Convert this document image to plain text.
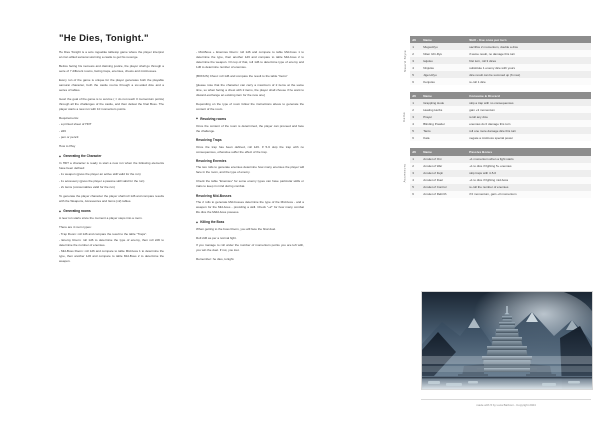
"He Dies, Tonight."

He Dies Tonight is a solo roguelike tabletop game where the player interpret an iron willed samurai storming a castle to get his revenge.

Before facing his nemesis and claiming justice, the player shall go through a serie of 7 different rooms, facing traps, enemies, chests and mid-bosses.

Every run of the game is unique for the player generates both the playable samurai character, both the castle rooms through a six-sided dice and a series of tables.

Goal: the goal of the game is to survive ( = do not reach 0 momentum points) through all the challenges of the castle, and then defeat the final Boss. The player starts a new run with 10 momentum points.

Requirements:

- a printed sheet of HDT

- 2d6

- pen or pencil

How to Play

◆ Generating the Character

In HDT a character is ready to start a new run when the following elements have been defined:

- 1x weapon (gives the player an active skill valid for the run)

- 1x accessory (gives the player a passive skill valid for the run)

- 2x items (consumables valid for the run)

To generate the player character the player shall roll 1d6 and compare results with the Weapons, Accessories and Items (x2) tables.

◆ Generating rooms

A new run starts since the moment a player steps into a room.

There are 4 room types:

- Trap Room: roll 1d6 and compare the result to the table "Traps".

- Enemy Room: roll 1d6 to determine the type of enemy, then roll 2d6 to determine the number of enemies.

- Mid-Boss Room: roll 1d6 and compare to table Mid-boss 1 to determine the type, then another 1d6 and compare to table Mid-Boss 2 to determine the weapon.

- Mid-Boss + Enemies Room: roll 1d6 and compare to table Mid-boss 1 to determine the type, then another 1d6 and compare to table Mid-boss 2 to determine the weapon. On top of that, roll 1d6 to determine type of enemy and 1d6 to determine number of enemies.

(BONUS) Chest: roll 1d6 and compare the result to the table "Items"

[please note that the character can carry a maximum of 2 items at the same time, so when facing a chest with 2 items, the player shall choose if he want to discard-exchange an existing item for the new one]

Depending on the type of room follow the instructions above to generate the content of the room.

◆ Resolving rooms

Once the content of the room is determined, the player can proceed and face the challenge.

Resolving Traps

Once the trap has been defined, roll 1d6. If 5-6 skip the trap with no consequences, otherwise suffer the effect of the trap.

Resolving Enemies

The two rolls to generate enemies determine how many enemies the player will face in the room, and the type of enemy.

Check the table "Enemies" for some enemy types can have particular skills or traits to keep in mind during combat.

Resolving Mid-Bosses

The 2 rolls to generate Mid-bosses determine the type of the Mid-boss - and a weapon for the Mid-boss - providing a skill. Check "+2" for how many combat life dice the Midd-boss possess.

◆ Killing the Boss

When getting to the boss Room, you will face the final duel.

Roll 2d6 as per a normal fight.

If you manage to roll under the number of momentum points you are left with, you win the duel. If not, you lost.

Remember: he dies, tonight.

Sword Style
d6	Name	Skill - Use once per turn
1	Mugai-Ryu	sacrifice 2 momentum, double a dice
2	Niten Ichi-Ryu	if same result, no damage this turn
3	Iaijutsu	first turn, roll 3 dices
4	Ninjutsu	substitute 1 enemy dice with yours
5	Jigen-Ryu	dice result can be summed up (6 max)
6	Kenjutsu	re-roll 1 dice
Items
d6	Name	Consume & Discard
1	Grappling Hook	skip a trap with no consequences
2	Healing Herbs	gain +3 momentum
3	Prayer	reroll any dice
4	Blinding Powder	enemies do 0 damage this turn
5	Tanto	roll one more damage dice this turn
6	Kata	negate a mid-boss special power
Accessory
d6	Name	Passive Bonus
1	Amulet of Oni	+1 momentum when a fight starts
2	Amulet of War	+1 to dice if fighting 5+ enemies
3	Amulet of Fujin	skip traps with 4-5-6
4	Amulet of Duel	+1 to dice if fighting mid-boss
5	Amulet of Control	re-roll the number of enemies
6	Amulet of Rebirth	if 0 momentum, gain +3 momentum
made with ♥ by Luca Barboni - Copyright 2024
